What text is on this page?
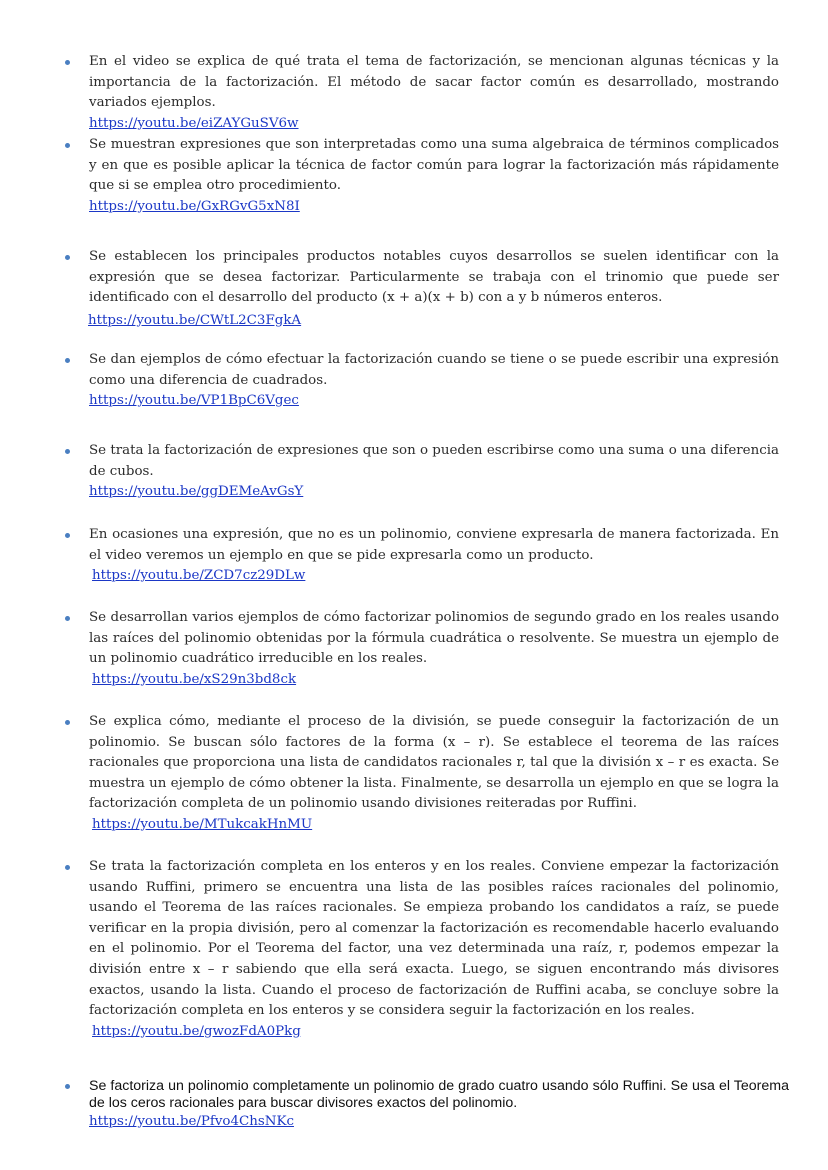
En el video se explica de qué trata el tema de factorización, se mencionan algunas técnicas y la importancia de la factorización. El método de sacar factor común es desarrollado, mostrando variados ejemplos.
https://youtu.be/eiZAYGuSV6w
Se muestran expresiones que son interpretadas como una suma algebraica de términos complicados y en que es posible aplicar la técnica de factor común para lograr la factorización más rápidamente que si se emplea otro procedimiento.
https://youtu.be/GxRGvG5xN8I
Se establecen los principales productos notables cuyos desarrollos se suelen identificar con la expresión que se desea factorizar. Particularmente se trabaja con el trinomio que puede ser identificado con el desarrollo del producto (x + a)(x + b) con a y b números enteros.
https://youtu.be/CWtL2C3FgkA
Se dan ejemplos de cómo efectuar la factorización cuando se tiene o se puede escribir una expresión como una diferencia de cuadrados.
https://youtu.be/VP1BpC6Vgec
Se trata la factorización de expresiones que son o pueden escribirse como una suma o una diferencia de cubos.
https://youtu.be/ggDEMeAvGsY
En ocasiones una expresión, que no es un polinomio, conviene expresarla de manera factorizada. En el video veremos un ejemplo en que se pide expresarla como un producto.
https://youtu.be/ZCD7cz29DLw
Se desarrollan varios ejemplos de cómo factorizar polinomios de segundo grado en los reales usando las raíces del polinomio obtenidas por la fórmula cuadrática o resolvente. Se muestra un ejemplo de un polinomio cuadrático irreducible en los reales.
https://youtu.be/xS29n3bd8ck
Se explica cómo, mediante el proceso de la división, se puede conseguir la factorización de un polinomio. Se buscan sólo factores de la forma (x – r). Se establece el teorema de las raíces racionales que proporciona una lista de candidatos racionales r, tal que la división x – r es exacta. Se muestra un ejemplo de cómo obtener la lista. Finalmente, se desarrolla un ejemplo en que se logra la factorización completa de un polinomio usando divisiones reiteradas por Ruffini.
https://youtu.be/MTukcakHnMU
Se trata la factorización completa en los enteros y en los reales. Conviene empezar la factorización usando Ruffini, primero se encuentra una lista de las posibles raíces racionales del polinomio, usando el Teorema de las raíces racionales. Se empieza probando los candidatos a raíz, se puede verificar en la propia división, pero al comenzar la factorización es recomendable hacerlo evaluando en el polinomio. Por el Teorema del factor, una vez determinada una raíz, r, podemos empezar la división entre x – r sabiendo que ella será exacta. Luego, se siguen encontrando más divisores exactos, usando la lista. Cuando el proceso de factorización de Ruffini acaba, se concluye sobre la factorización completa en los enteros y se considera seguir la factorización en los reales.
https://youtu.be/gwozFdA0Pkg
Se factoriza un polinomio completamente un polinomio de grado cuatro usando sólo Ruffini. Se usa el Teorema de los ceros racionales para buscar divisores exactos del polinomio.
https://youtu.be/Pfvo4ChsNKc
